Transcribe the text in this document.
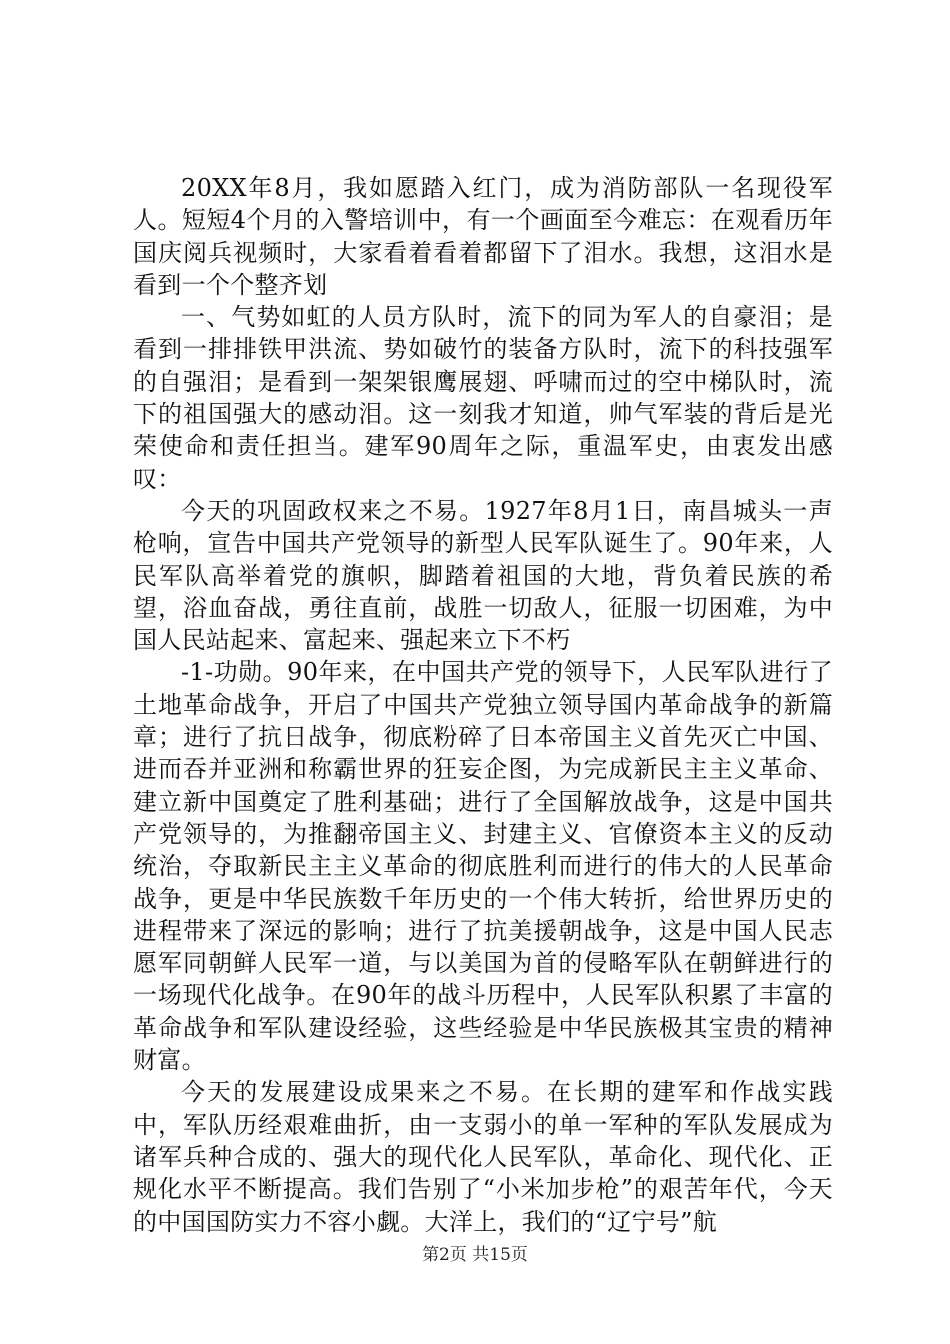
20XX年8月，我如愿踏入红门，成为消防部队一名现役军人。短短4个月的入警培训中，有一个画面至今难忘：在观看历年国庆阅兵视频时，大家看着看着都留下了泪水。我想，这泪水是看到一个个整齐划

一、气势如虹的人员方队时，流下的同为军人的自豪泪；是看到一排排铁甲洪流、势如破竹的装备方队时，流下的科技强军的自强泪；是看到一架架银鹰展翅、呼啸而过的空中梯队时，流下的祖国强大的感动泪。这一刻我才知道，帅气军装的背后是光荣使命和责任担当。建军90周年之际，重温军史，由衷发出感叹：

今天的巩固政权来之不易。1927年8月1日，南昌城头一声枪响，宣告中国共产党领导的新型人民军队诞生了。90年来，人民军队高举着党的旗帜，脚踏着祖国的大地，背负着民族的希望，浴血奋战，勇往直前，战胜一切敌人，征服一切困难，为中国人民站起来、富起来、强起来立下不朽

-1-功勋。90年来，在中国共产党的领导下，人民军队进行了土地革命战争，开启了中国共产党独立领导国内革命战争的新篇章；进行了抗日战争，彻底粉碎了日本帝国主义首先灭亡中国、进而吞并亚洲和称霸世界的狂妄企图，为完成新民主主义革命、建立新中国奠定了胜利基础；进行了全国解放战争，这是中国共产党领导的，为推翻帝国主义、封建主义、官僚资本主义的反动统治，夺取新民主主义革命的彻底胜利而进行的伟大的人民革命战争，更是中华民族数千年历史的一个伟大转折，给世界历史的进程带来了深远的影响；进行了抗美援朝战争，这是中国人民志愿军同朝鲜人民军一道，与以美国为首的侵略军队在朝鲜进行的一场现代化战争。在90年的战斗历程中，人民军队积累了丰富的革命战争和军队建设经验，这些经验是中华民族极其宝贵的精神财富。

今天的发展建设成果来之不易。在长期的建军和作战实践中，军队历经艰难曲折，由一支弱小的单一军种的军队发展成为诸军兵种合成的、强大的现代化人民军队，革命化、现代化、正规化水平不断提高。我们告别了“小米加步枪”的艰苦年代，今天的中国国防实力不容小觑。大洋上，我们的“辽宁号”航

第2页 共15页
